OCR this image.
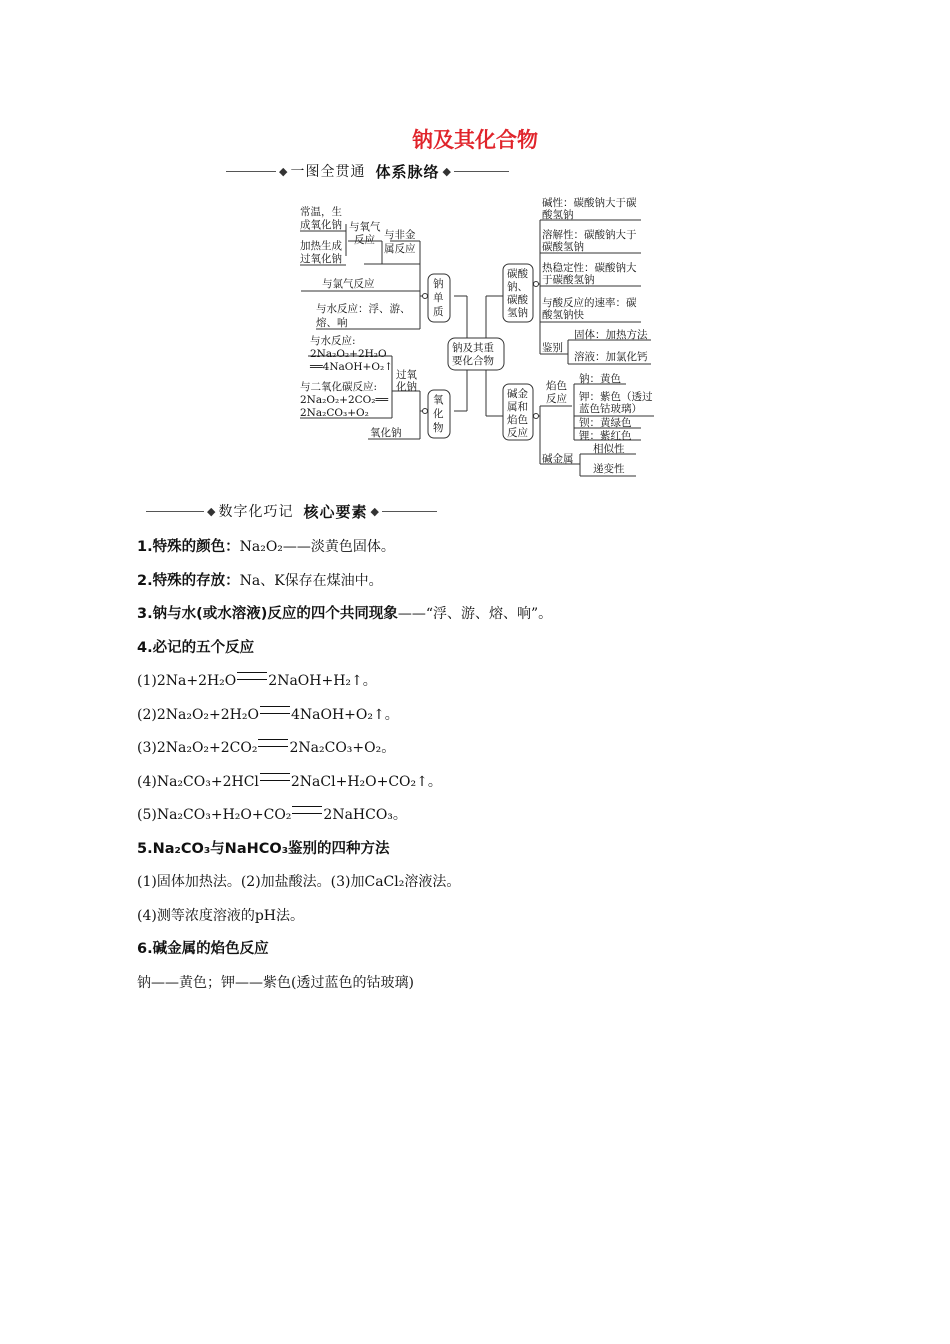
钠及其化合物
◆ 一图全贯通 体系脉络 ◆
钠及其重
要化合物
钠
单
质
与非金
属反应
与氧气
反应
常温，生
成氧化钠
加热生成
过氧化钠
与氯气反应
与水反应：浮、游、
熔、响
氧
化
物
过氧
化钠
与水反应:
2Na₂O₂+2H₂O
══4NaOH+O₂↑
与二氧化碳反应:
2Na₂O₂+2CO₂══
2Na₂CO₃+O₂
氧化钠
碳酸
钠、
碳酸
氢钠
碱性：碳酸钠大于碳
酸氢钠
溶解性：碳酸钠大于
碳酸氢钠
热稳定性：碳酸钠大
于碳酸氢钠
与酸反应的速率：碳
酸氢钠快
鉴别
固体：加热方法
溶液：加氯化钙
碱金
属和
焰色
反应
焰色
反应
钠：黄色
钾：紫色（透过
蓝色钴玻璃）
钡：黄绿色
锂：紫红色
碱金属
相似性
递变性
◆ 数字化巧记 核心要素 ◆
1.特殊的颜色：Na₂O₂——淡黄色固体。
2.特殊的存放：Na、K保存在煤油中。
3.钠与水(或水溶液)反应的四个共同现象——“浮、游、熔、响”。
4.必记的五个反应
(1)2Na+2H₂O 2NaOH+H₂↑。
(2)2Na₂O₂+2H₂O 4NaOH+O₂↑。
(3)2Na₂O₂+2CO₂ 2Na₂CO₃+O₂。
(4)Na₂CO₃+2HCl 2NaCl+H₂O+CO₂↑。
(5)Na₂CO₃+H₂O+CO₂ 2NaHCO₃。
5.Na₂CO₃与NaHCO₃鉴别的四种方法
(1)固体加热法。(2)加盐酸法。(3)加CaCl₂溶液法。
(4)测等浓度溶液的pH法。
6.碱金属的焰色反应
钠——黄色；钾——紫色(透过蓝色的钴玻璃)
